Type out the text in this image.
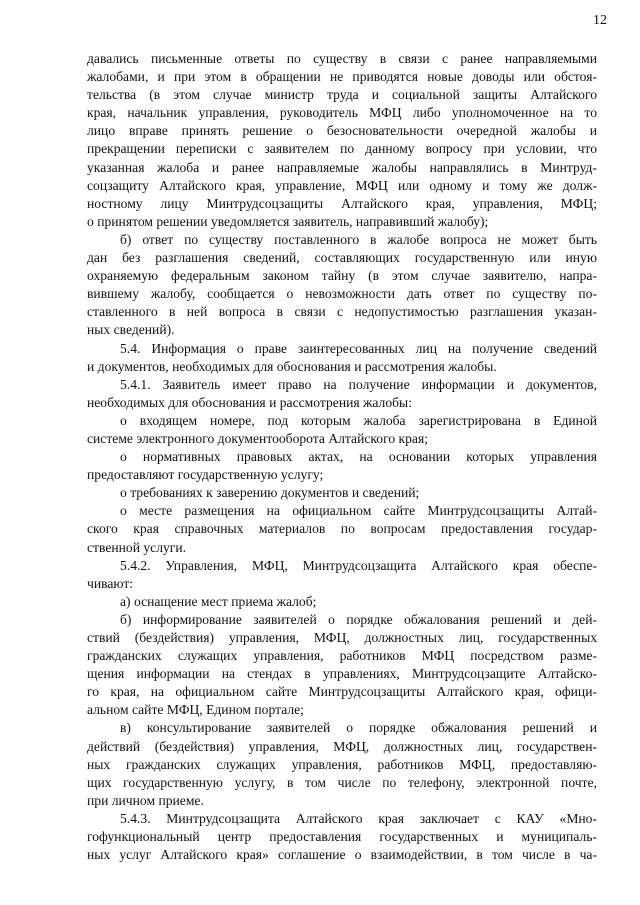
12
давались письменные ответы по существу в связи с ранее направляемыми
жалобами, и при этом в обращении не приводятся новые доводы или обстоя-
тельства (в этом случае министр труда и социальной защиты Алтайского
края, начальник управления, руководитель МФЦ либо уполномоченное на то
лицо вправе принять решение о безосновательности очередной жалобы и
прекращении переписки с заявителем по данному вопросу при условии, что
указанная жалоба и ранее направляемые жалобы направлялись в Минтруд-
соцзащиту Алтайского края, управление, МФЦ или одному и тому же долж-
ностному лицу Минтрудсоцзащиты Алтайского края, управления, МФЦ;
о принятом решении уведомляется заявитель, направивший жалобу);
б) ответ по существу поставленного в жалобе вопроса не может быть
дан без разглашения сведений, составляющих государственную или иную
охраняемую федеральным законом тайну (в этом случае заявителю, напра-
вившему жалобу, сообщается о невозможности дать ответ по существу по-
ставленного в ней вопроса в связи с недопустимостью разглашения указан-
ных сведений).
5.4. Информация о праве заинтересованных лиц на получение сведений
и документов, необходимых для обоснования и рассмотрения жалобы.
5.4.1. Заявитель имеет право на получение информации и документов,
необходимых для обоснования и рассмотрения жалобы:
о входящем номере, под которым жалоба зарегистрирована в Единой
системе электронного документооборота Алтайского края;
о нормативных правовых актах, на основании которых управления
предоставляют государственную услугу;
о требованиях к заверению документов и сведений;
о месте размещения на официальном сайте Минтрудсоцзащиты Алтай-
ского края справочных материалов по вопросам предоставления государ-
ственной услуги.
5.4.2. Управления, МФЦ, Минтрудсоцзащита Алтайского края обеспе-
чивают:
а) оснащение мест приема жалоб;
б) информирование заявителей о порядке обжалования решений и дей-
ствий (бездействия) управления, МФЦ, должностных лиц, государственных
гражданских служащих управления, работников МФЦ посредством разме-
щения информации на стендах в управлениях, Минтрудсоцзащите Алтайско-
го края, на официальном сайте Минтрудсоцзащиты Алтайского края, офици-
альном сайте МФЦ, Едином портале;
в) консультирование заявителей о порядке обжалования решений и
действий (бездействия) управления, МФЦ, должностных лиц, государствен-
ных гражданских служащих управления, работников МФЦ, предоставляю-
щих государственную услугу, в том числе по телефону, электронной почте,
при личном приеме.
5.4.3. Минтрудсоцзащита Алтайского края заключает с КАУ «Мно-
гофункциональный центр предоставления государственных и муниципаль-
ных услуг Алтайского края» соглашение о взаимодействии, в том числе в ча-
